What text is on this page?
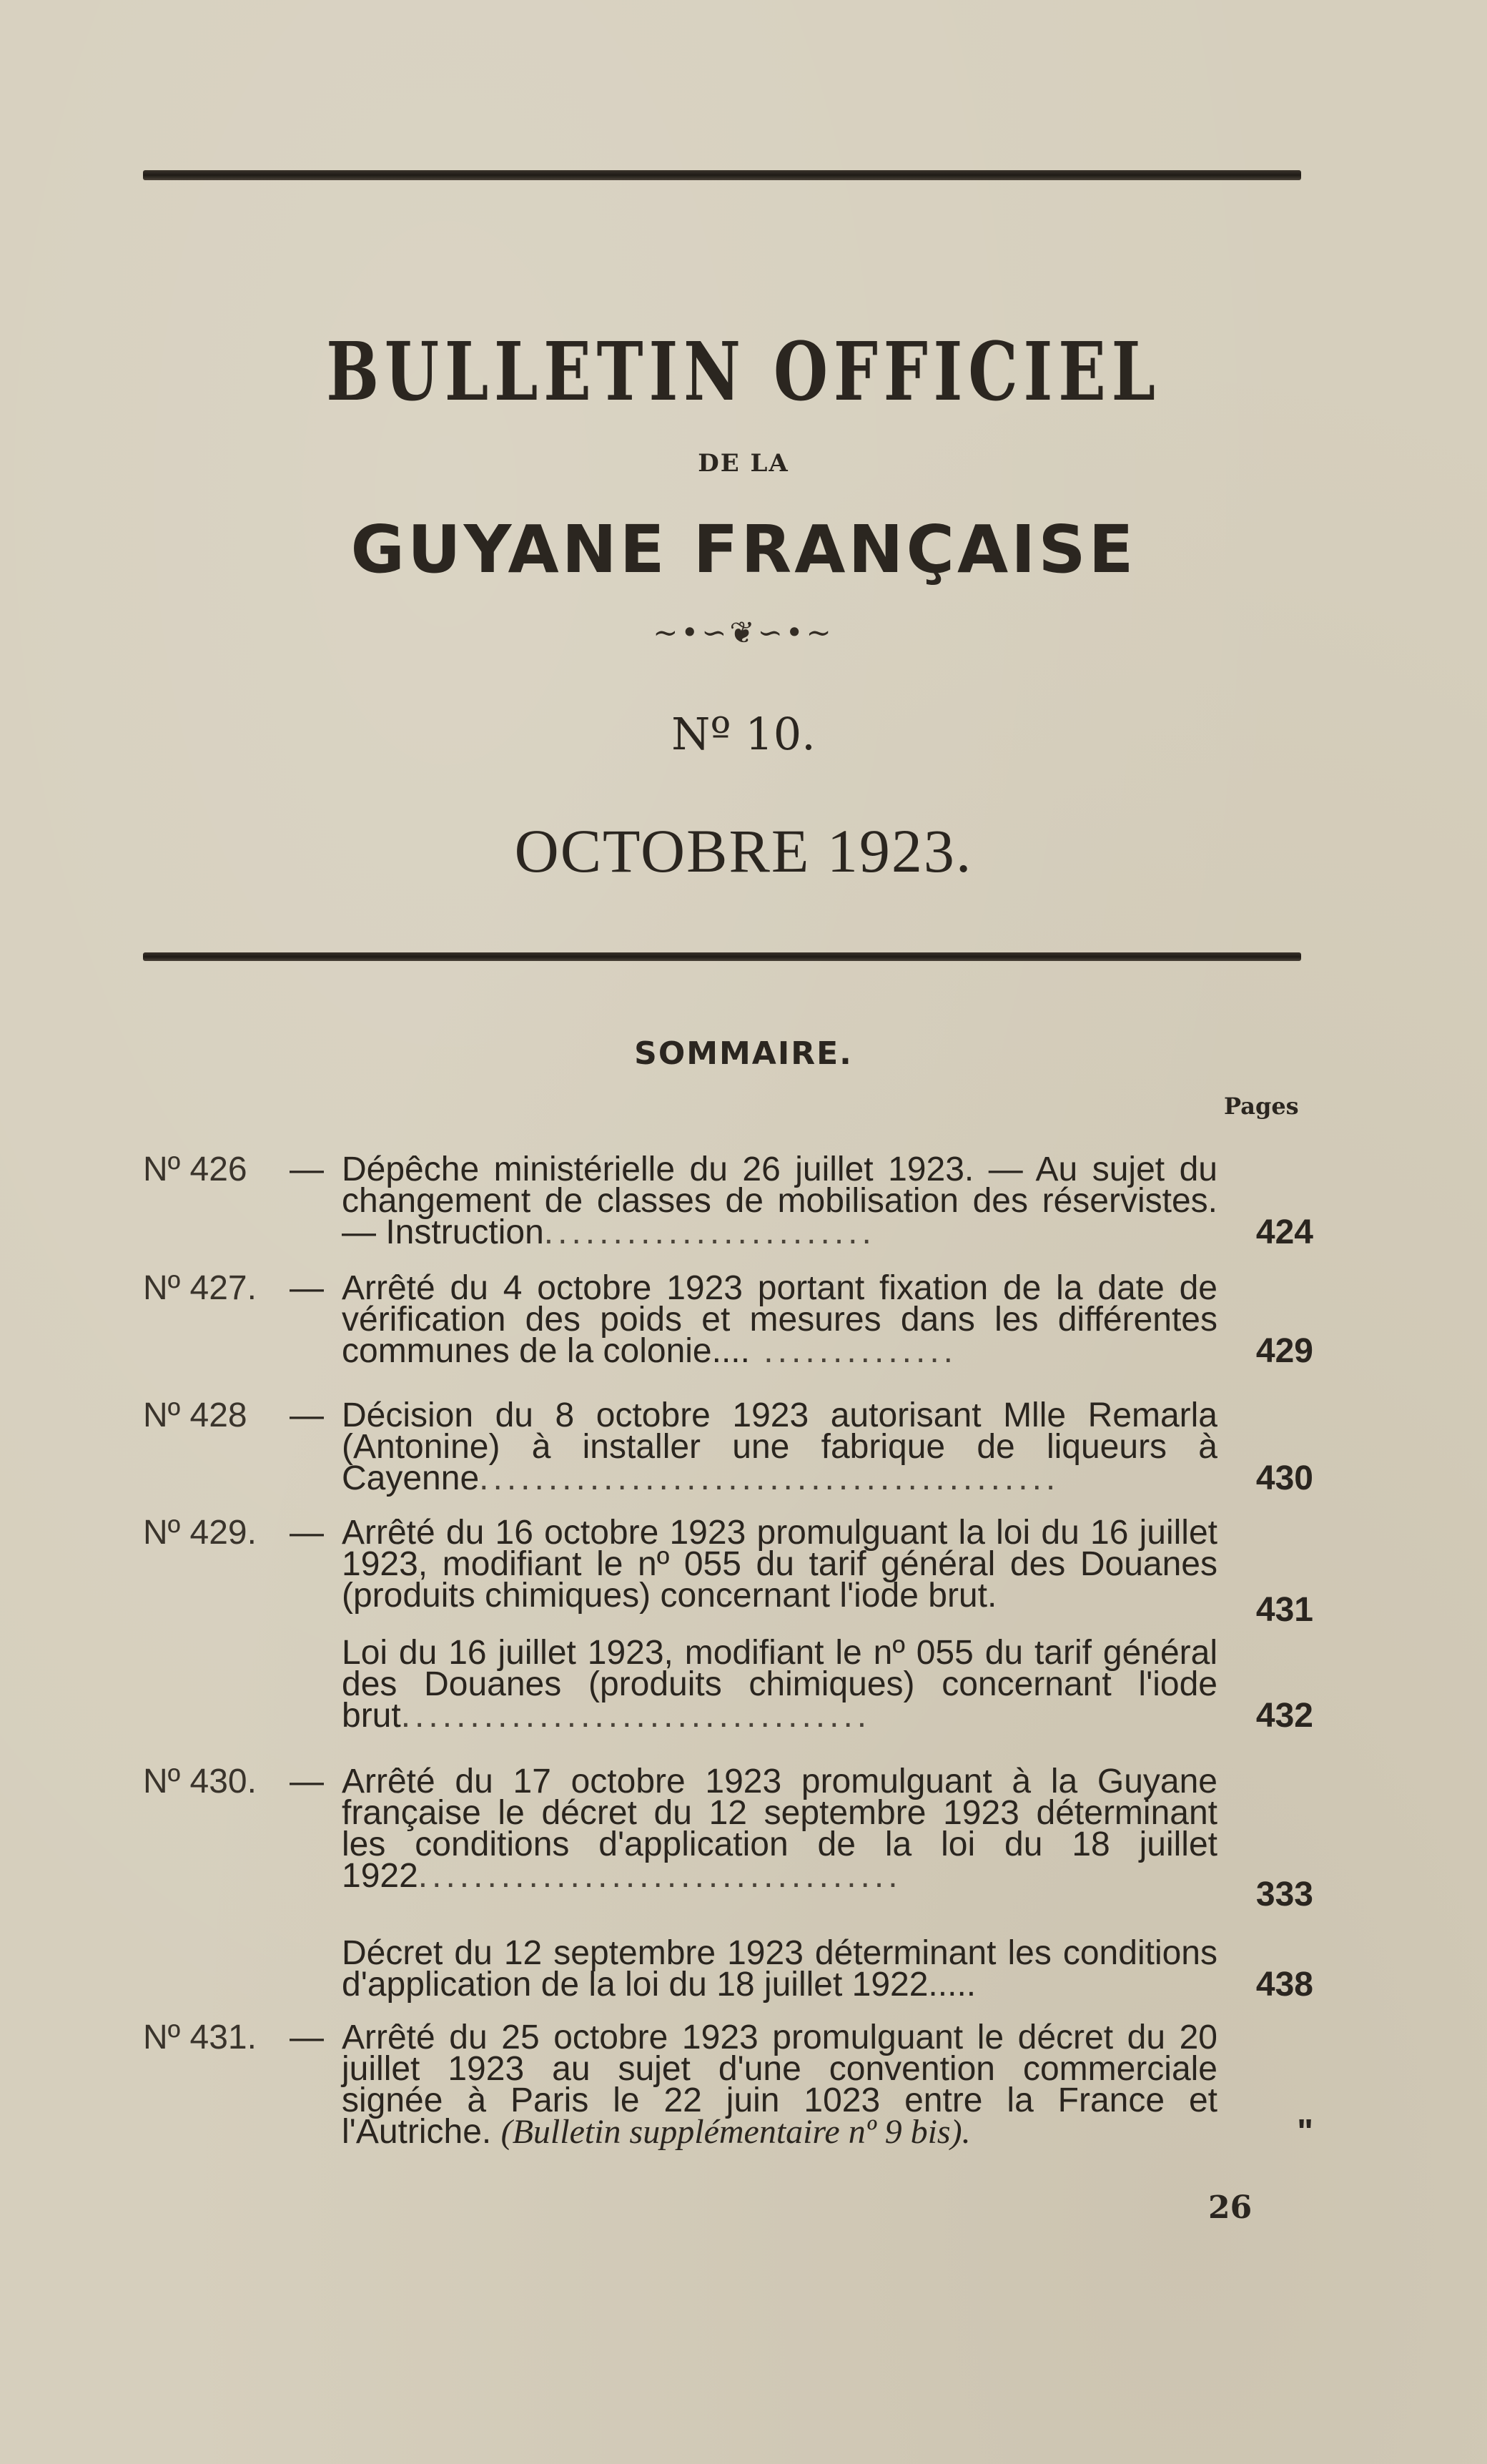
BULLETIN OFFICIEL
DE LA
GUYANE FRANÇAISE
~•∽❦∽•~
Nº 10.
OCTOBRE 1923.
SOMMAIRE.
Pages
Nº 426	— Dépêche ministérielle du 26 juillet 1923. — Au sujet du changement de classes de mobilisation des réservistes. — Instruction........................	424
Nº 427. — Arrêté du 4 octobre 1923 portant fixation de la date de vérification des poids et mesures dans les différentes communes de la colonie.... ..............	429
Nº 428	— Décision du 8 octobre 1923 autorisant Mlle Remarla (Antonine) à installer une fabrique de liqueurs à Cayenne..........................................	430
Nº 429. — Arrêté du 16 octobre 1923 promulguant la loi du 16 juillet 1923, modifiant le nº 055 du tarif général des Douanes (produits chimiques) concernant l'iode brut.	431
Loi du 16 juillet 1923, modifiant le nº 055 du tarif général des Douanes (produits chimiques) concernant l'iode brut..................................	432
Nº 430. — Arrêté du 17 octobre 1923 promulguant à la Guyane française le décret du 12 septembre 1923 déterminant les conditions d'application de la loi du 18 juillet 1922...................................	333
Décret du 12 septembre 1923 déterminant les conditions d'application de la loi du 18 juillet 1922.....	438
Nº 431. — Arrêté du 25 octobre 1923 promulguant le décret du 20 juillet 1923 au sujet d'une convention commerciale signée à Paris le 22 juin 1023 entre la France et l'Autriche. (Bulletin supplémentaire nº 9 bis).	"
26
